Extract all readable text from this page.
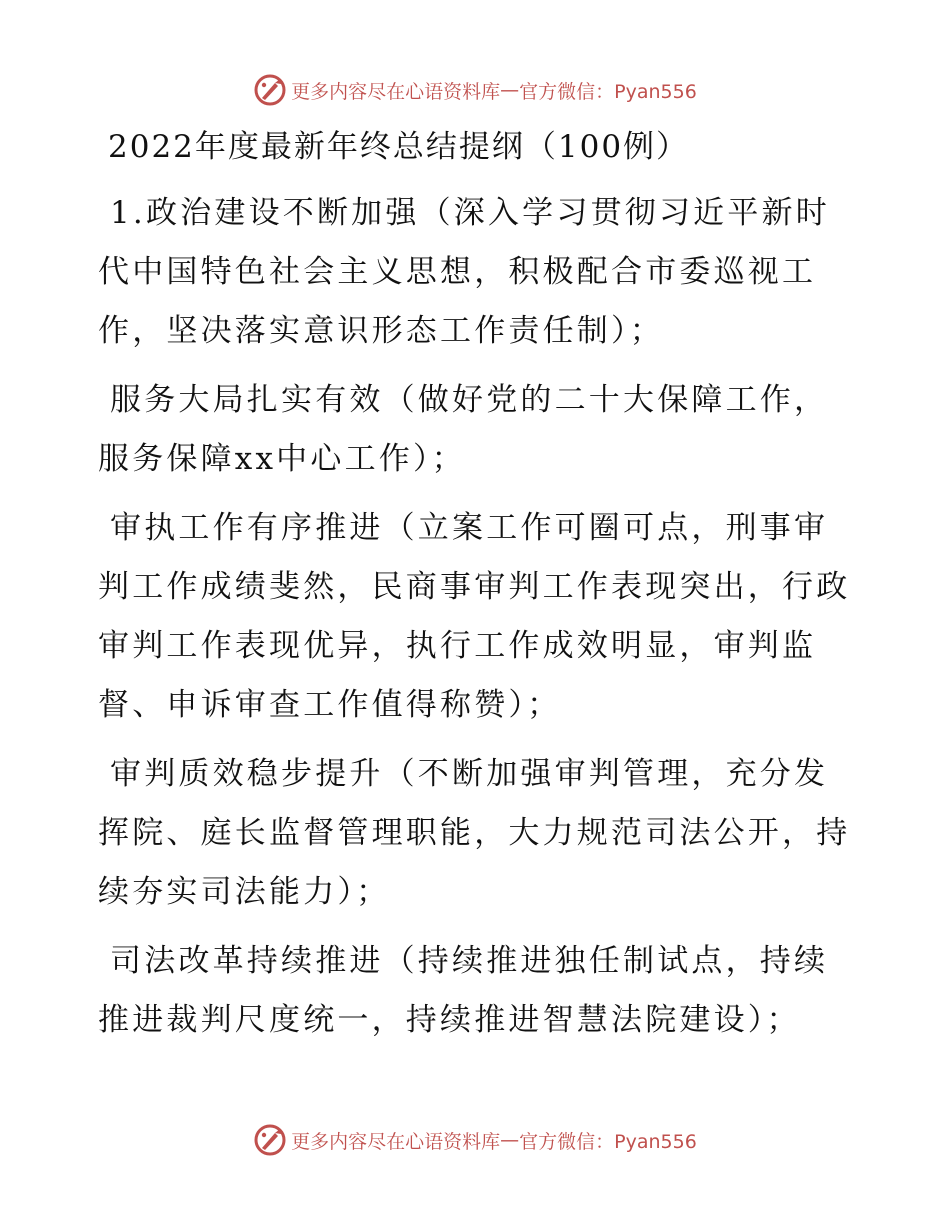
更多内容尽在心语资料库 — 官方微信：Pyan556
2022年度最新年终总结提纲（100例）

1.政治建设不断加强（深入学习贯彻习近平新时代中国特色社会主义思想，积极配合市委巡视工作，坚决落实意识形态工作责任制）；

服务大局扎实有效（做好党的二十大保障工作，服务保障xx中心工作）；

审执工作有序推进（立案工作可圈可点，刑事审判工作成绩斐然，民商事审判工作表现突出，行政审判工作表现优异，执行工作成效明显，审判监督、申诉审查工作值得称赞）；

审判质效稳步提升（不断加强审判管理，充分发挥院、庭长监督管理职能，大力规范司法公开，持续夯实司法能力）；

司法改革持续推进（持续推进独任制试点，持续推进裁判尺度统一，持续推进智慧法院建设）；

更多内容尽在心语资料库 — 官方微信：Pyan556
